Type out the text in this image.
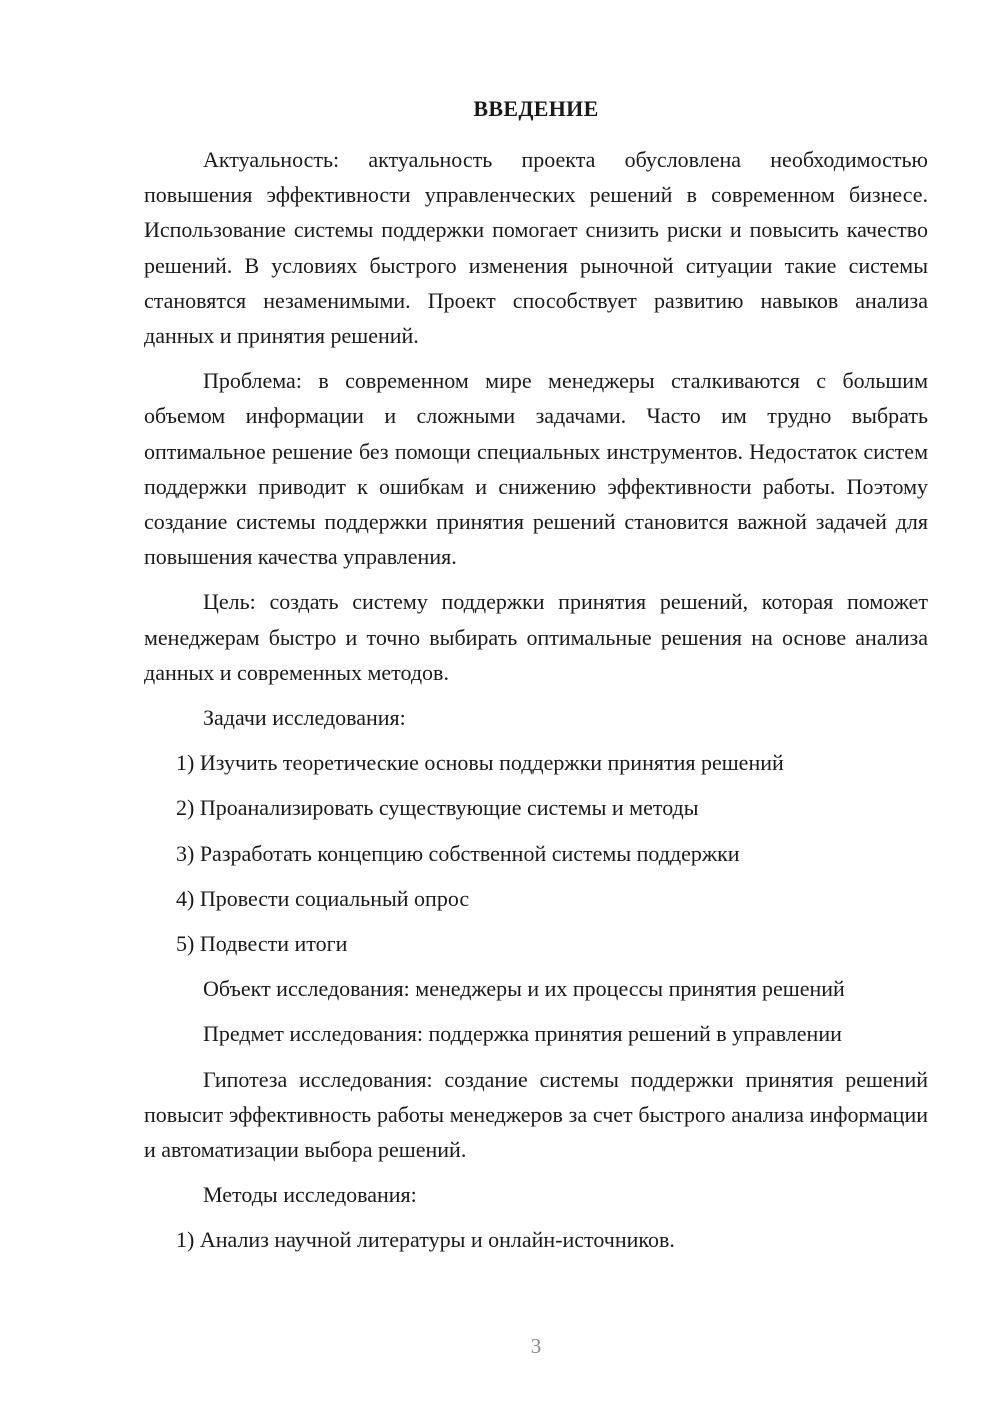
ВВЕДЕНИЕ

Актуальность: актуальность проекта обусловлена необходимостью повышения эффективности управленческих решений в современном бизнесе. Использование системы поддержки помогает снизить риски и повысить качество решений. В условиях быстрого изменения рыночной ситуации такие системы становятся незаменимыми. Проект способствует развитию навыков анализа данных и принятия решений.

Проблема: в современном мире менеджеры сталкиваются с большим объемом информации и сложными задачами. Часто им трудно выбрать оптимальное решение без помощи специальных инструментов. Недостаток систем поддержки приводит к ошибкам и снижению эффективности работы. Поэтому создание системы поддержки принятия решений становится важной задачей для повышения качества управления.

Цель: создать систему поддержки принятия решений, которая поможет менеджерам быстро и точно выбирать оптимальные решения на основе анализа данных и современных методов.

Задачи исследования:
1) Изучить теоретические основы поддержки принятия решений
2) Проанализировать существующие системы и методы
3) Разработать концепцию собственной системы поддержки
4) Провести социальный опрос
5) Подвести итоги
Объект исследования: менеджеры и их процессы принятия решений
Предмет исследования: поддержка принятия решений в управлении

Гипотеза исследования: создание системы поддержки принятия решений повысит эффективность работы менеджеров за счет быстрого анализа информации и автоматизации выбора решений.

Методы исследования:
1) Анализ научной литературы и онлайн-источников.
3
